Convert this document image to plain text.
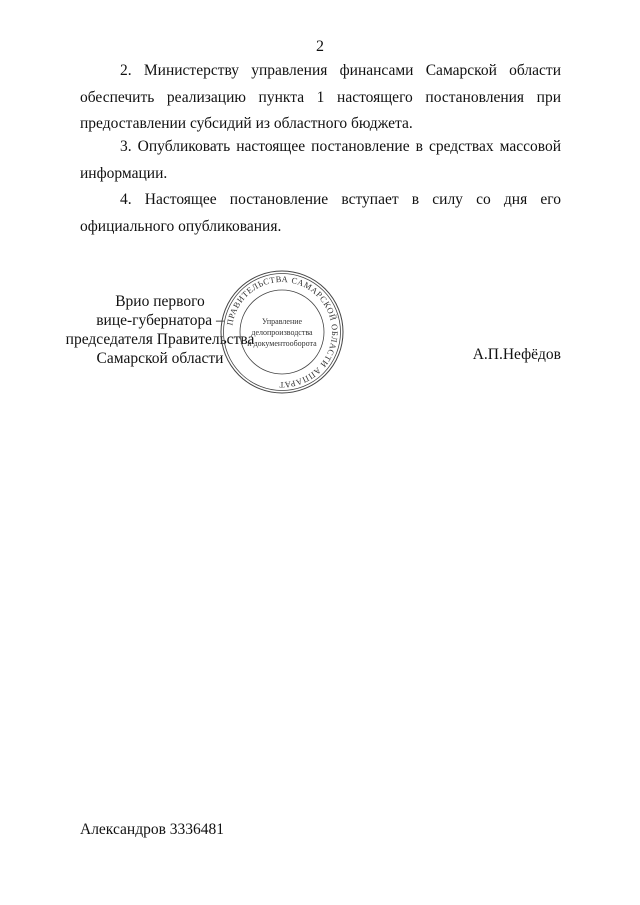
2

2. Министерству управления финансами Самарской области обеспечить реализацию пункта 1 настоящего постановления при предоставлении субсидий из областного бюджета.

3. Опубликовать настоящее постановление в средствах массовой информации.

4. Настоящее постановление вступает в силу со дня его официального опубликования.

Врио первого
вице-губернатора –
председателя Правительства
Самарской области
ПРАВИТЕЛЬСТВА САМАРСКОЙ ОБЛАСТИ АППАРАТ
Управление
делопроизводства
и документооборота
А.П.Нефёдов
Александров 3336481
